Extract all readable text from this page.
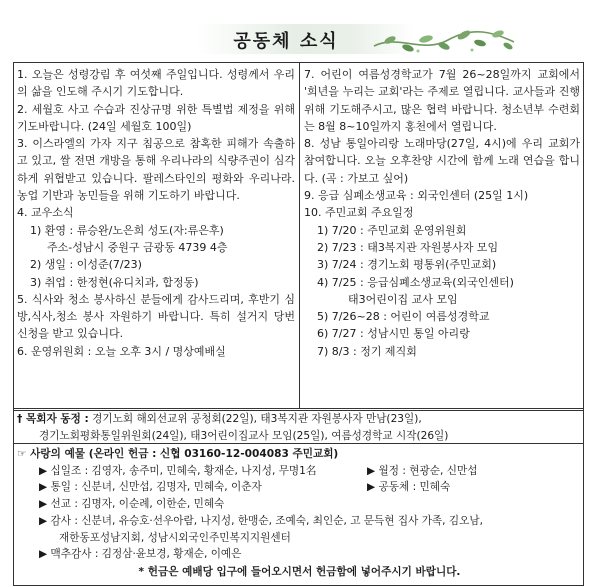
공동체 소식

1. 오늘은 성령강림 후 여섯째 주일입니다. 성령께서 우리의 삶을 인도해 주시기 기도합니다.

2. 세월호 사고 수습과 진상규명 위한 특별법 제정을 위해 기도바랍니다. (24일 세월호 100일)

3. 이스라엘의 가자 지구 침공으로 참혹한 피해가 속출하고 있고, 쌀 전면 개방을 통해 우리나라의 식량주권이 심각하게 위협받고 있습니다. 팔레스타인의 평화와 우리나라. 농업 기반과 농민들을 위해 기도하기 바랍니다.

4. 교우소식

1) 환영 : 류승완/노은희 성도(자:류은후)

주소-성남시 중원구 금광동 4739 4층

2) 생일 : 이성준(7/23)

3) 취업 : 한정현(유디치과, 합정동)

5. 식사와 청소 봉사하신 분들에게 감사드리며, 후반기 심방,식사,청소 봉사 자원하기 바랍니다. 특히 설거지 당번 신청을 받고 있습니다.

6. 운영위원회 : 오늘 오후 3시 / 명상예배실

7. 어린이 여름성경학교가 7월 26~28일까지 교회에서 '희년을 누리는 교회'라는 주제로 열립니다. 교사들과 진행위해 기도해주시고, 많은 협력 바랍니다. 청소년부 수련회는 8월 8~10일까지 홍천에서 열립니다.

8. 성남 통일아리랑 노래마당(27일, 4시)에 우리 교회가 참여합니다. 오늘 오후찬양 시간에 함께 노래 연습을 합니다. (곡 : 가보고 싶어)

9. 응급 심폐소생교육 : 외국인센터 (25일 1시)

10. 주민교회 주요일정

1) 7/20 : 주민교회 운영위원회

2) 7/23 : 태3복지관 자원봉사자 모임

3) 7/24 : 경기노회 평통위(주민교회)

4) 7/25 : 응급심폐소생교육(외국인센터)

태3어린이집 교사 모임

5) 7/26~28 : 어린이 여름성경학교

6) 7/27 : 성남시민 통일 아리랑

7) 8/3 : 정기 제직회

† 목회자 동정 : 경기노회 해외선교위 공청회(22일), 태3복지관 자원봉사자 만남(23일),
경기노회평화통일위원회(24일), 태3어린이집교사 모임(25일), 여름성경학교 시작(26일)
☞ 사랑의 예물 (온라인 헌금 : 신협 03160-12-004083 주민교회)
▶ 십일조 : 김영자, 송주미, 민혜숙, 황재순, 나지성, 무명1名	▶ 월정 : 현광순, 신만섭
▶ 통일 : 신분녀, 신만섭, 김명자, 민혜숙, 이춘자	▶ 공동체 : 민혜숙
▶ 선교 : 김명자, 이순례, 이한순, 민혜숙
▶ 감사 : 신분녀, 유승호·선우아람, 나지성, 한맹순, 조예숙, 최인순, 고 문득현 집사 가족, 김오남,
재한동포성남지회, 성남시외국인주민복지지원센터
▶ 맥추감사 : 김정삼·윤보경, 황재순, 이예은
* 헌금은 예배당 입구에 들어오시면서 헌금함에 넣어주시기 바랍니다.
